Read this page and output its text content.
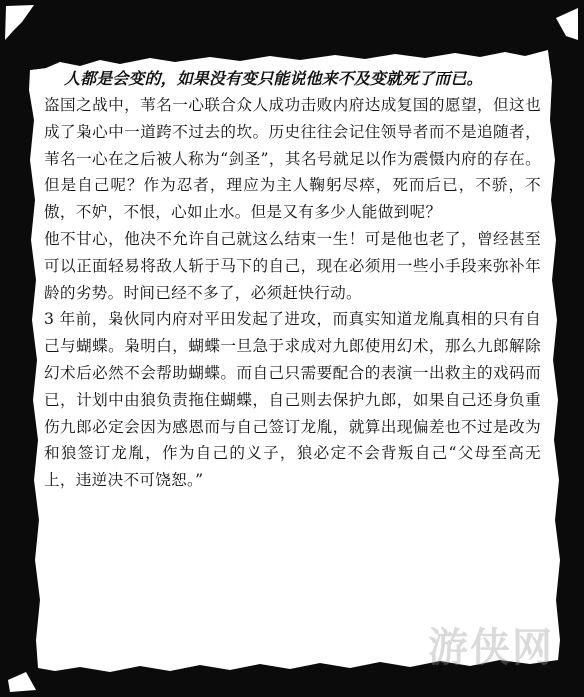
人都是会变的，如果没有变只能说他来不及变就死了而已。

盗国之战中，苇名一心联合众人成功击败内府达成复国的愿望，但这也成了枭心中一道跨不过去的坎。历史往往会记住领导者而不是追随者，苇名一心在之后被人称为“剑圣”，其名号就足以作为震慑内府的存在。但是自己呢？作为忍者，理应为主人鞠躬尽瘁，死而后已，不骄，不傲，不妒，不恨，心如止水。但是又有多少人能做到呢？

他不甘心，他决不允许自己就这么结束一生！可是他也老了，曾经甚至可以正面轻易将敌人斩于马下的自己，现在必须用一些小手段来弥补年龄的劣势。时间已经不多了，必须赶快行动。

3 年前，枭伙同内府对平田发起了进攻，而真实知道龙胤真相的只有自己与蝴蝶。枭明白，蝴蝶一旦急于求成对九郎使用幻术，那么九郎解除幻术后必然不会帮助蝴蝶。而自己只需要配合的表演一出救主的戏码而已，计划中由狼负责拖住蝴蝶，自己则去保护九郎，如果自己还身负重伤九郎必定会因为感恩而与自己签订龙胤，就算出现偏差也不过是改为和狼签订龙胤，作为自己的义子，狼必定不会背叛自己“父母至高无上，违逆决不可饶恕。”

游侠网
